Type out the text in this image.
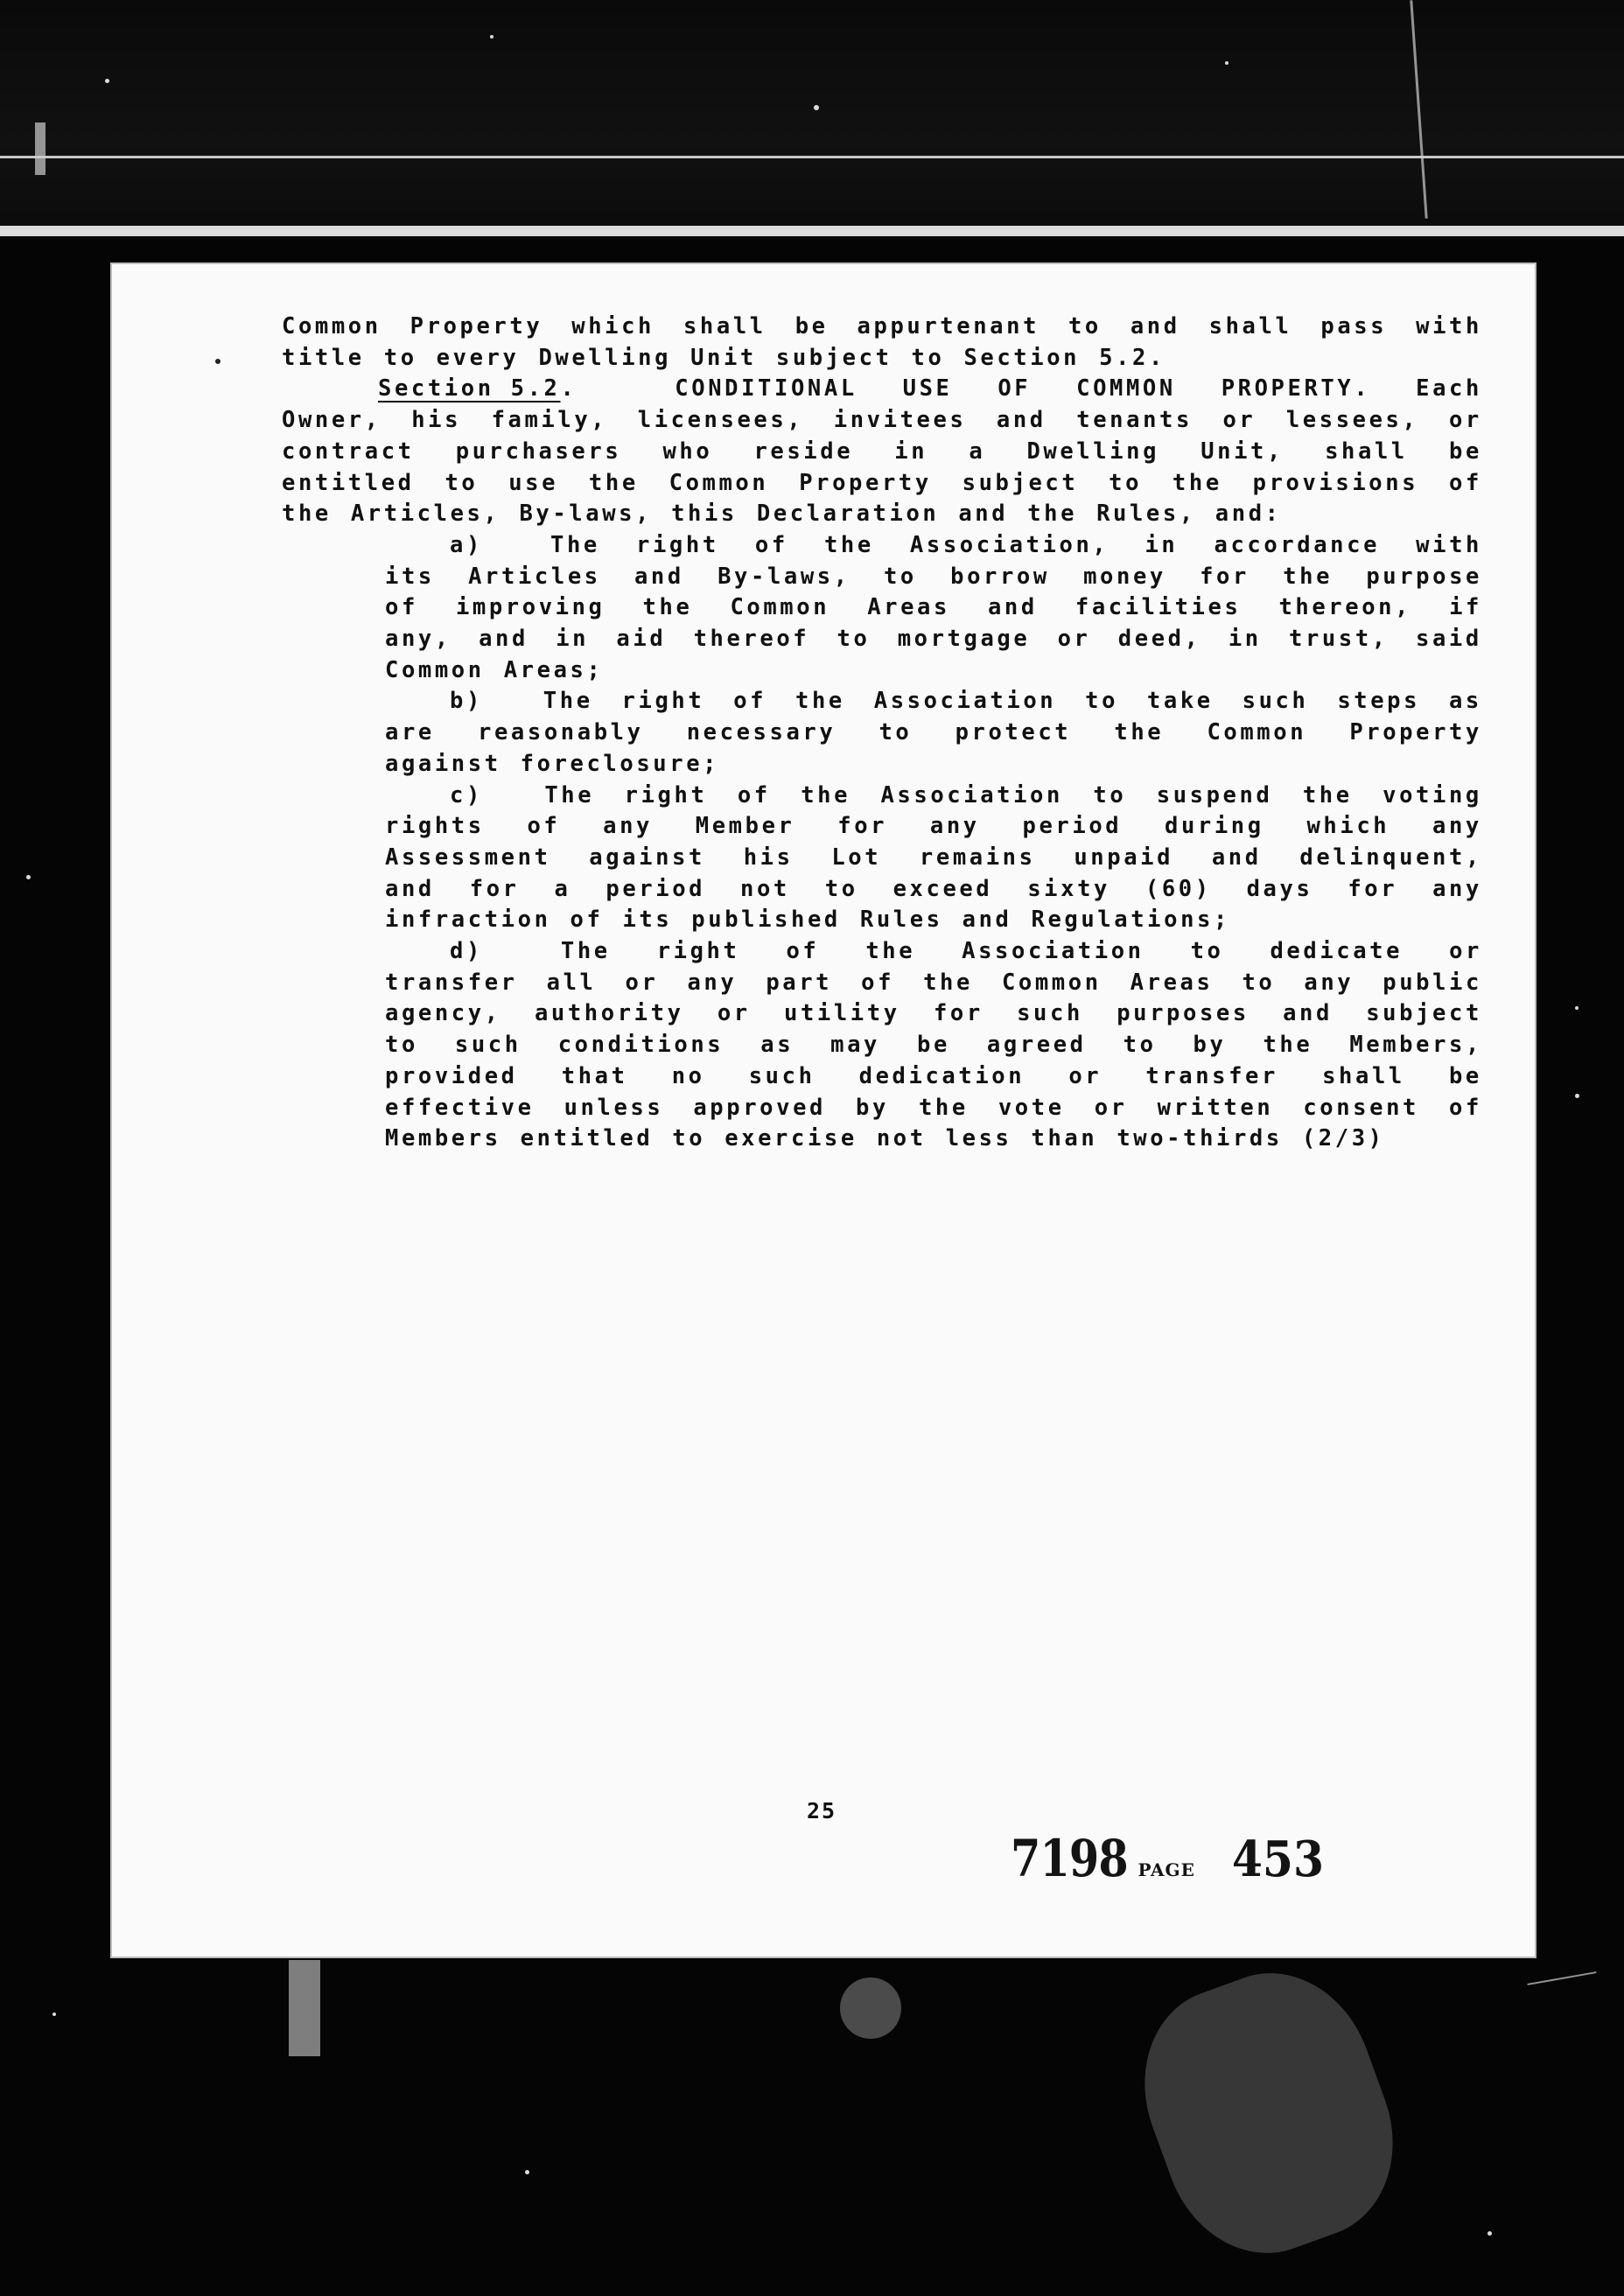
Common Property which shall be appurtenant to and shall pass with
title to every Dwelling Unit subject to Section 5.2.
Section 5.2.	CONDITIONAL USE OF COMMON PROPERTY. Each
Owner, his family, licensees, invitees and tenants or lessees, or
contract purchasers who reside in a Dwelling Unit, shall be
entitled to use the Common Property subject to the provisions of
the Articles, By-laws, this Declaration and the Rules, and:
a)	The right of the Association, in accordance with
its Articles and By-laws, to borrow money for the purpose
of improving the Common Areas and facilities thereon, if
any, and in aid thereof to mortgage or deed, in trust, said
Common Areas;
b)	The right of the Association to take such steps as
are reasonably necessary to protect the Common Property
against foreclosure;
c)	The right of the Association to suspend the voting
rights of any Member for any period during which any
Assessment against his Lot remains unpaid and delinquent,
and for a period not to exceed sixty (60) days for any
infraction of its published Rules and Regulations;
d)	The right of the Association to dedicate or
transfer all or any part of the Common Areas to any public
agency, authority or utility for such purposes and subject
to such conditions as may be agreed to by the Members,
provided that no such dedication or transfer shall be
effective unless approved by the vote or written consent of
Members entitled to exercise not less than two-thirds (2/3)
25
7198 PAGE 453
